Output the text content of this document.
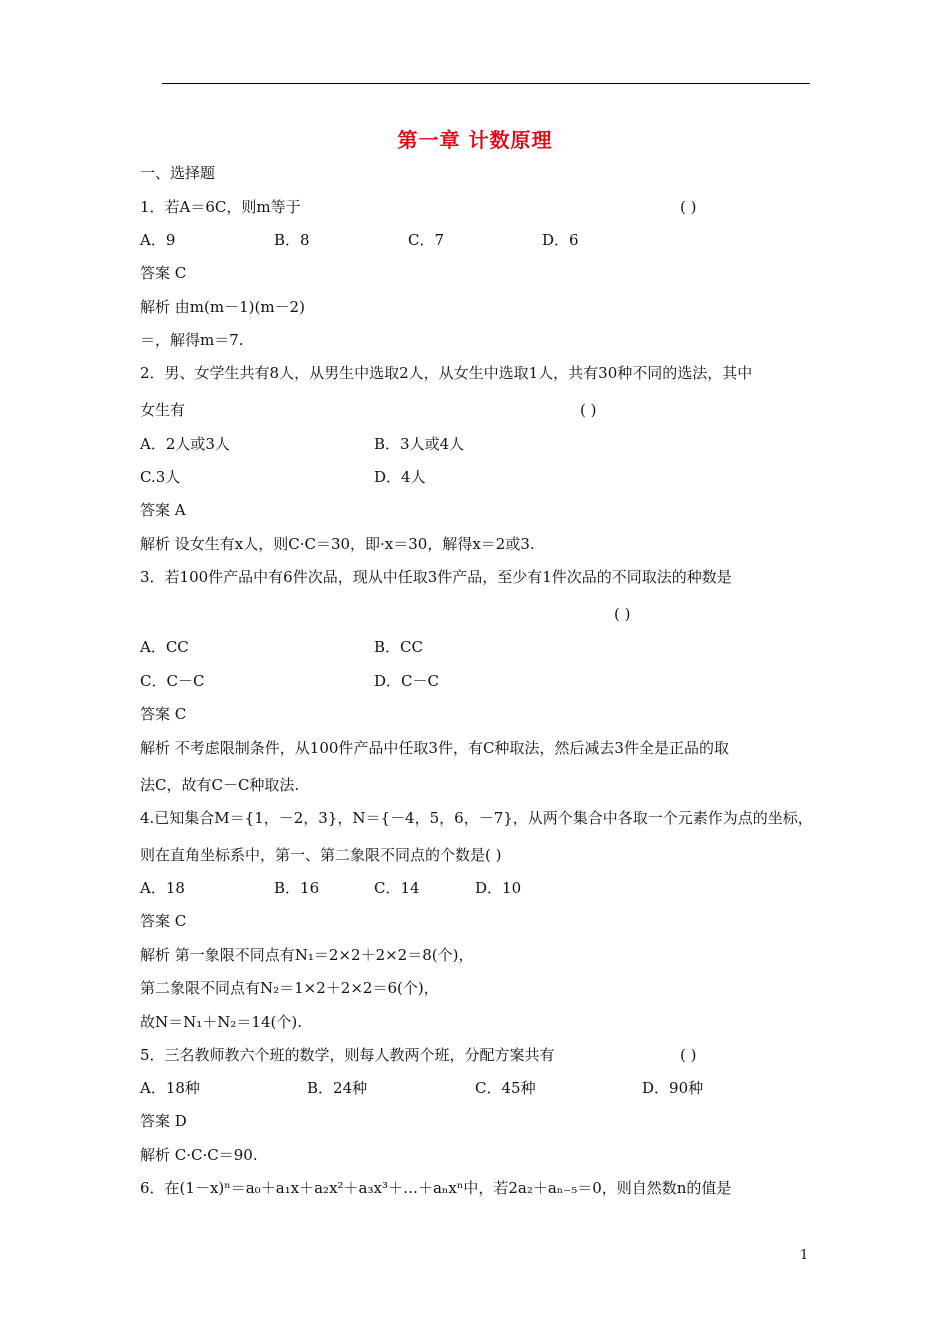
第一章 计数原理
一、选择题
1．若A＝6C，则m等于	( )
A．9	B．8	C．7	D．6
答案 C
解析 由m(m－1)(m－2)
＝，解得m＝7.
2．男、女学生共有8人，从男生中选取2人，从女生中选取1人，共有30种不同的选法，其中
女生有	( )
A．2人或3人	B．3人或4人
C.3人	D．4人
答案 A
解析 设女生有x人，则C·C＝30，即·x＝30，解得x＝2或3.
3．若100件产品中有6件次品，现从中任取3件产品，至少有1件次品的不同取法的种数是
( )
A．CC	B．CC
C．C－C	D．C－C
答案 C
解析 不考虑限制条件，从100件产品中任取3件，有C种取法，然后减去3件全是正品的取
法C，故有C－C种取法.
4.已知集合M＝{1，－2，3}，N＝{－4，5，6，－7}，从两个集合中各取一个元素作为点的坐标，
则在直角坐标系中，第一、第二象限不同点的个数是( )
A．18	B．16	C．14	D．10
答案 C
解析 第一象限不同点有N₁＝2×2＋2×2＝8(个)，
第二象限不同点有N₂＝1×2＋2×2＝6(个)，
故N＝N₁＋N₂＝14(个).
5．三名教师教六个班的数学，则每人教两个班，分配方案共有	( )
A．18种	B．24种	C．45种	D．90种
答案 D
解析 C·C·C＝90.
6．在(1－x)ⁿ＝a₀＋a₁x＋a₂x²＋a₃x³＋…＋aₙxⁿ中，若2a₂＋aₙ₋₅＝0，则自然数n的值是
1
